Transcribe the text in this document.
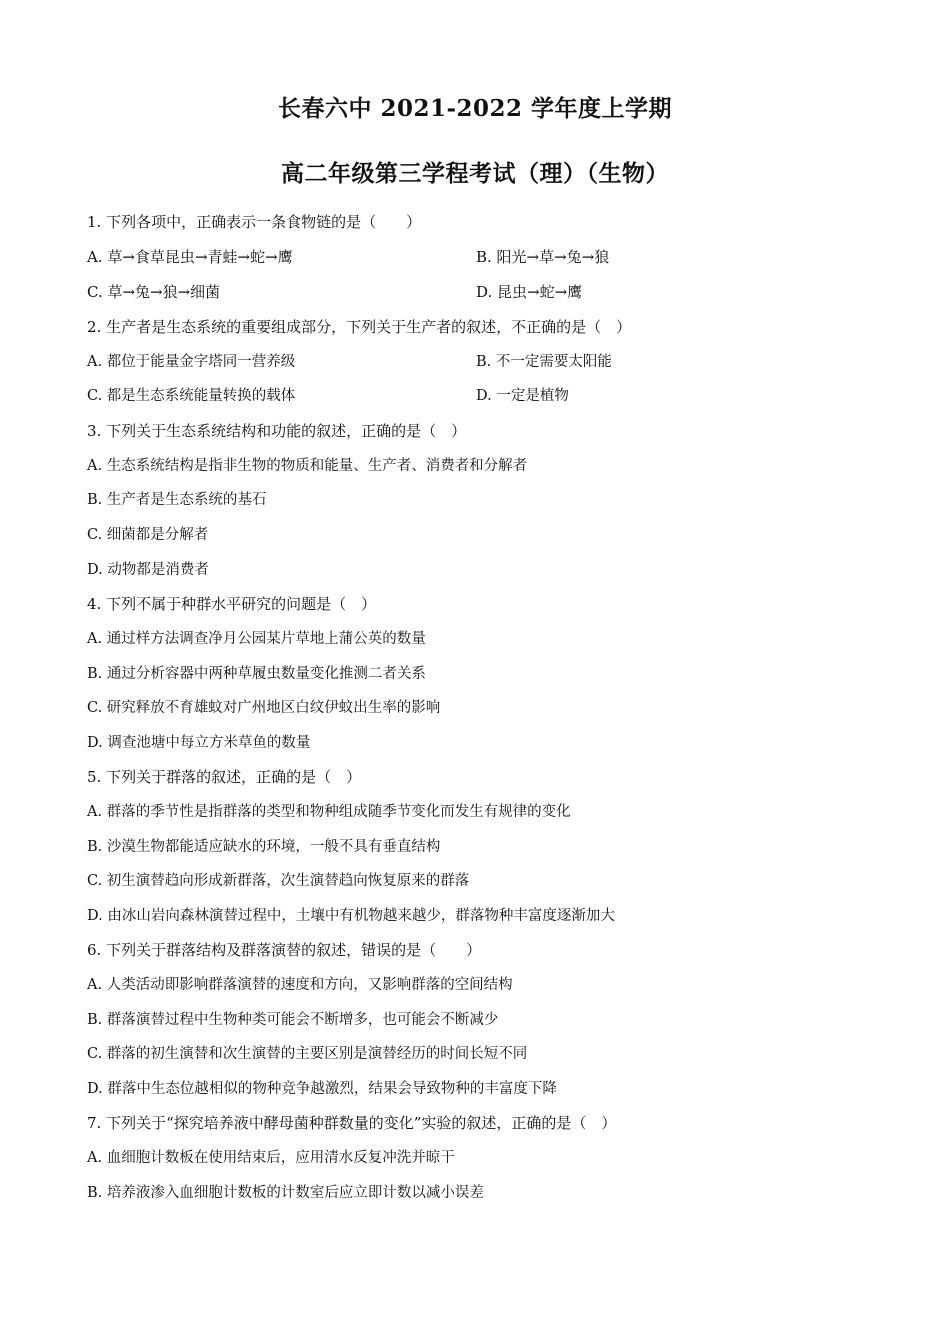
长春六中 2021-2022 学年度上学期
高二年级第三学程考试（理）（生物）
1. 下列各项中，正确表示一条食物链的是（　　）
A. 草→食草昆虫→青蛙→蛇→鹰	B. 阳光→草→兔→狼
C. 草→兔→狼→细菌	D. 昆虫→蛇→鹰
2. 生产者是生态系统的重要组成部分，下列关于生产者的叙述，不正确的是（　）
A. 都位于能量金字塔同一营养级	B. 不一定需要太阳能
C. 都是生态系统能量转换的载体	D. 一定是植物
3. 下列关于生态系统结构和功能的叙述，正确的是（　）
A. 生态系统结构是指非生物的物质和能量、生产者、消费者和分解者
B. 生产者是生态系统的基石
C. 细菌都是分解者
D. 动物都是消费者
4. 下列不属于种群水平研究的问题是（　）
A. 通过样方法调查净月公园某片草地上蒲公英的数量
B. 通过分析容器中两种草履虫数量变化推测二者关系
C. 研究释放不育雄蚊对广州地区白纹伊蚊出生率的影响
D. 调查池塘中每立方米草鱼的数量
5. 下列关于群落的叙述，正确的是（　）
A. 群落的季节性是指群落的类型和物种组成随季节变化而发生有规律的变化
B. 沙漠生物都能适应缺水的环境，一般不具有垂直结构
C. 初生演替趋向形成新群落，次生演替趋向恢复原来的群落
D. 由冰山岩向森林演替过程中，土壤中有机物越来越少，群落物种丰富度逐渐加大
6. 下列关于群落结构及群落演替的叙述，错误的是（　　）
A. 人类活动即影响群落演替的速度和方向，又影响群落的空间结构
B. 群落演替过程中生物种类可能会不断增多，也可能会不断减少
C. 群落的初生演替和次生演替的主要区别是演替经历的时间长短不同
D. 群落中生态位越相似的物种竞争越激烈，结果会导致物种的丰富度下降
7. 下列关于“探究培养液中酵母菌种群数量的变化”实验的叙述，正确的是（　）
A. 血细胞计数板在使用结束后，应用清水反复冲洗并晾干
B. 培养液渗入血细胞计数板的计数室后应立即计数以减小误差
